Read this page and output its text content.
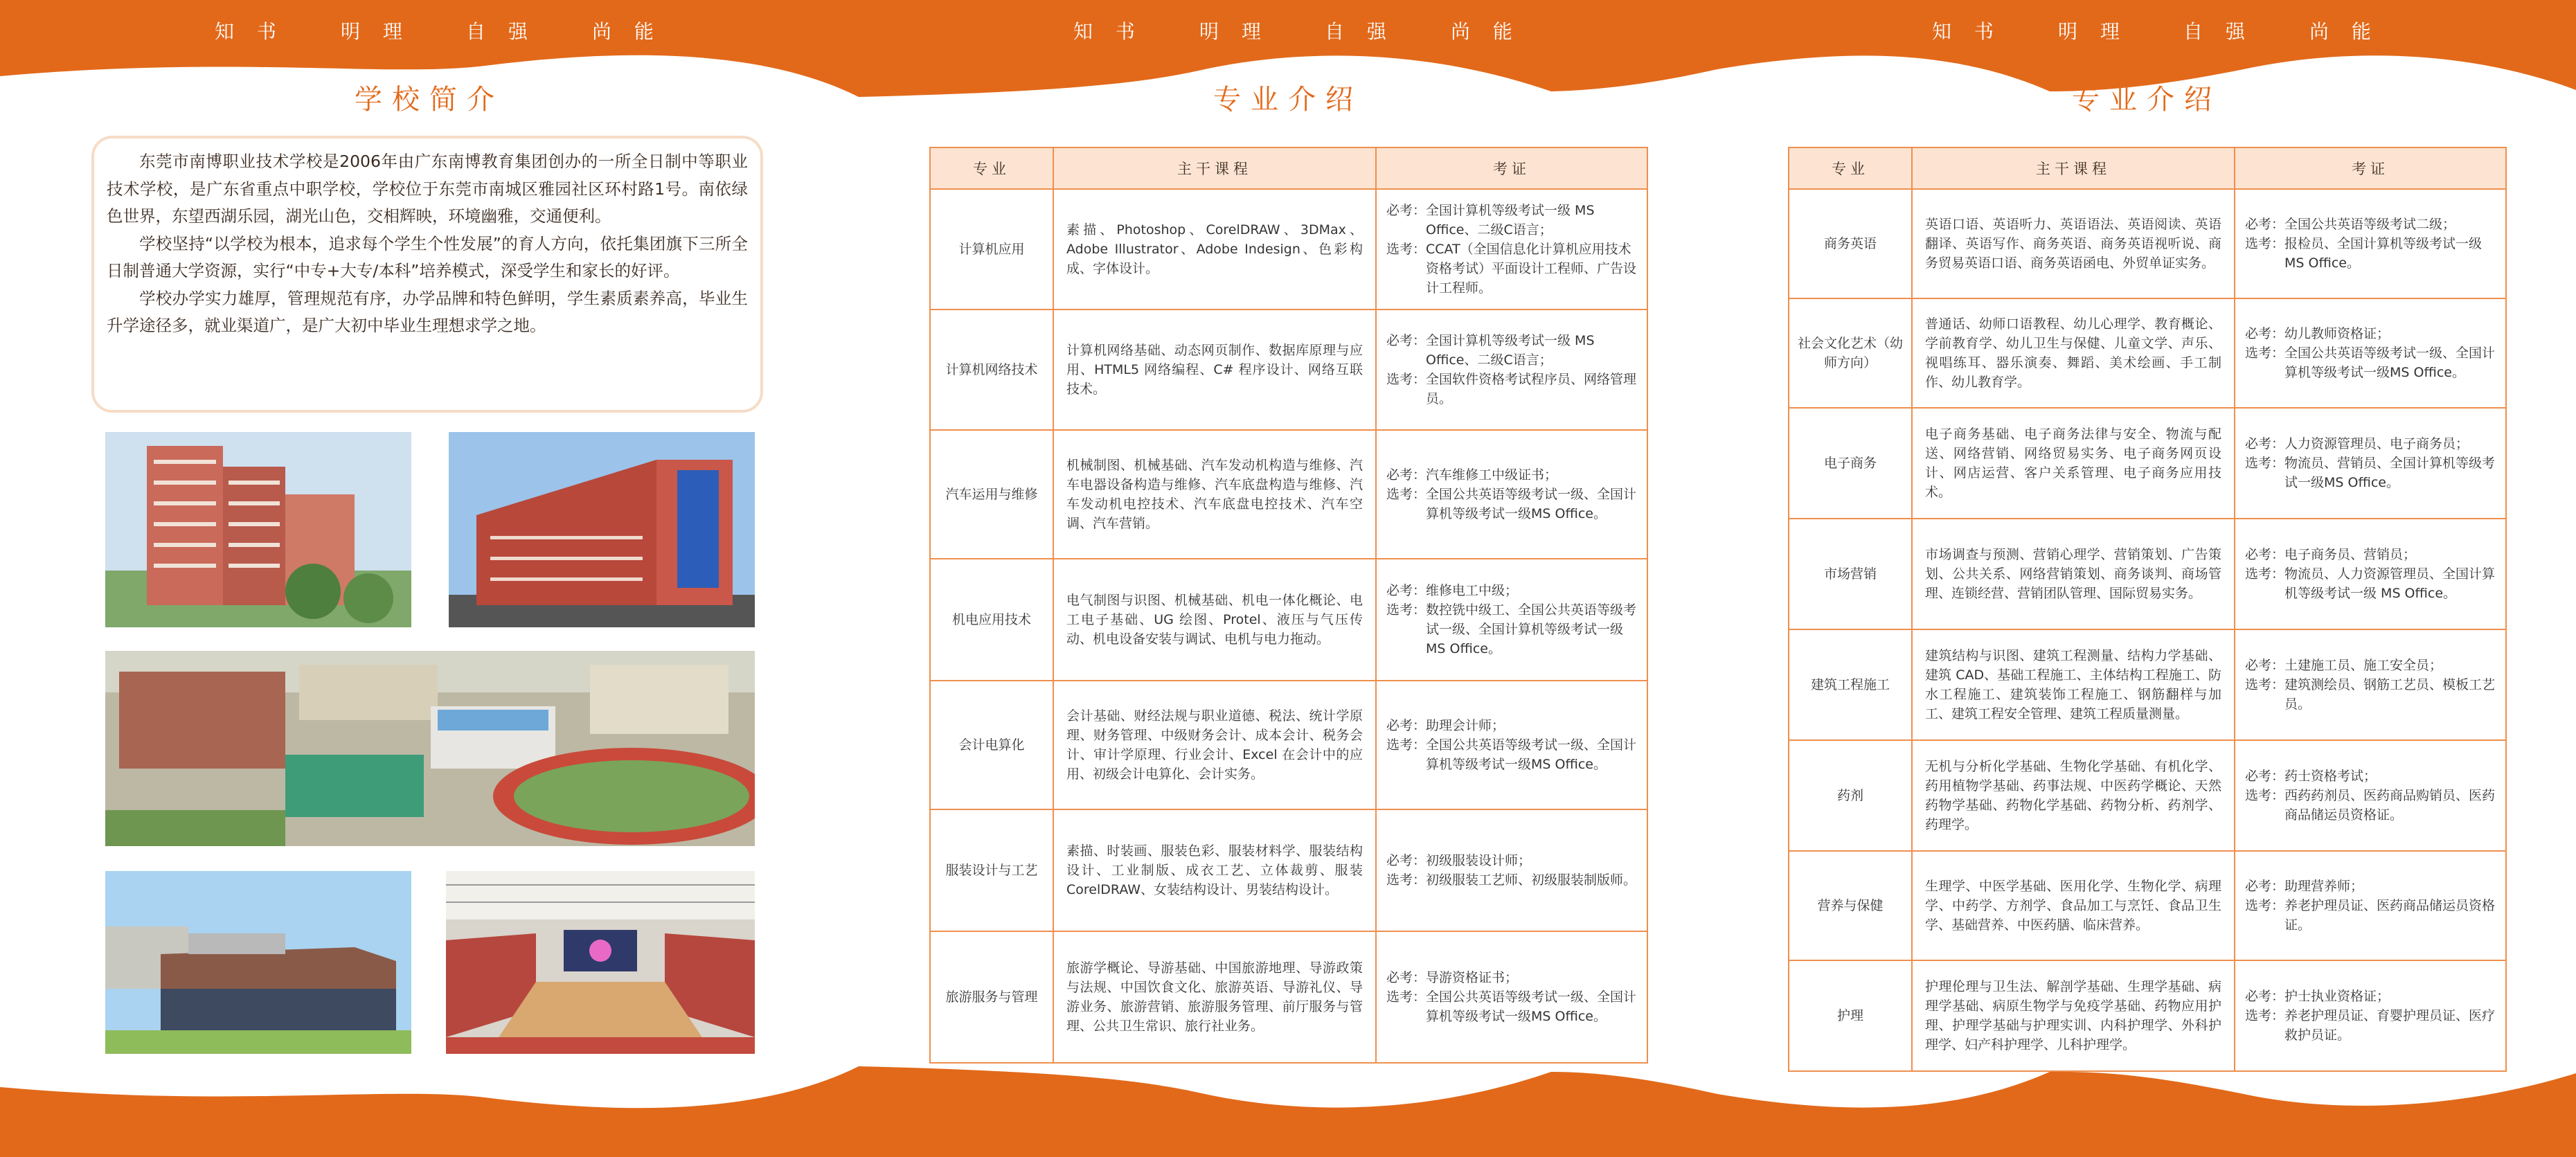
知 书	明 理	自 强	尚 能
学校简介

东莞市南博职业技术学校是2006年由广东南博教育集团创办的一所全日制中等职业技术学校，是广东省重点中职学校，学校位于东莞市南城区雅园社区环村路1号。南依绿色世界，东望西湖乐园，湖光山色，交相辉映，环境幽雅，交通便利。

学校坚持“以学校为根本，追求每个学生个性发展”的育人方向，依托集团旗下三所全日制普通大学资源，实行“中专+大专/本科”培养模式，深受学生和家长的好评。

学校办学实力雄厚，管理规范有序，办学品牌和特色鲜明，学生素质素养高，毕业生升学途径多，就业渠道广，是广大初中毕业生理想求学之地。

知 书	明 理	自 强	尚 能
专业介绍
专业	主干课程	考证
计算机应用	素描、Photoshop、CorelDRAW、3DMax、Adobe Illustrator、Adobe Indesign、色彩构成、字体设计。	必考： 全国计算机等级考试一级 MS Office、二级C语言；
选考： CCAT（全国信息化计算机应用技术资格考试）平面设计工程师、广告设计工程师。

计算机网络技术	计算机网络基础、动态网页制作、数据库原理与应用、HTML5 网络编程、C# 程序设计、网络互联技术。	必考： 全国计算机等级考试一级 MS Office、二级C语言；
选考： 全国软件资格考试程序员、网络管理员。

汽车运用与维修	机械制图、机械基础、汽车发动机构造与维修、汽车电器设备构造与维修、汽车底盘构造与维修、汽车发动机电控技术、汽车底盘电控技术、汽车空调、汽车营销。	必考： 汽车维修工中级证书；
选考： 全国公共英语等级考试一级、全国计算机等级考试一级MS Office。

机电应用技术	电气制图与识图、机械基础、机电一体化概论、电工电子基础、UG 绘图、Protel、液压与气压传动、机电设备安装与调试、电机与电力拖动。	必考： 维修电工中级；
选考： 数控铣中级工、全国公共英语等级考试一级、全国计算机等级考试一级MS Office。

会计电算化	会计基础、财经法规与职业道德、税法、统计学原理、财务管理、中级财务会计、成本会计、税务会计、审计学原理、行业会计、Excel 在会计中的应用、初级会计电算化、会计实务。	必考： 助理会计师；
选考： 全国公共英语等级考试一级、全国计算机等级考试一级MS Office。

服装设计与工艺	素描、时装画、服装色彩、服装材料学、服装结构设计、工业制版、成衣工艺、立体裁剪、服装 CorelDRAW、女装结构设计、男装结构设计。	必考： 初级服装设计师；
选考： 初级服装工艺师、初级服装制版师。

旅游服务与管理	旅游学概论、导游基础、中国旅游地理、导游政策与法规、中国饮食文化、旅游英语、导游礼仪、导游业务、旅游营销、旅游服务管理、前厅服务与管理、公共卫生常识、旅行社业务。	必考： 导游资格证书；
选考： 全国公共英语等级考试一级、全国计算机等级考试一级MS Office。
知 书	明 理	自 强	尚 能
专业介绍
专业	主干课程	考证
商务英语	英语口语、英语听力、英语语法、英语阅读、英语翻译、英语写作、商务英语、商务英语视听说、商务贸易英语口语、商务英语函电、外贸单证实务。	必考： 全国公共英语等级考试二级；
选考： 报检员、全国计算机等级考试一级MS Office。

社会文化艺术（幼师方向）	普通话、幼师口语教程、幼儿心理学、教育概论、学前教育学、幼儿卫生与保健、儿童文学、声乐、视唱练耳、器乐演奏、舞蹈、美术绘画、手工制作、幼儿教育学。	必考： 幼儿教师资格证；
选考： 全国公共英语等级考试一级、全国计算机等级考试一级MS Office。

电子商务	电子商务基础、电子商务法律与安全、物流与配送、网络营销、网络贸易实务、电子商务网页设计、网店运营、客户关系管理、电子商务应用技术。	必考： 人力资源管理员、电子商务员；
选考： 物流员、营销员、全国计算机等级考试一级MS Office。

市场营销	市场调查与预测、营销心理学、营销策划、广告策划、公共关系、网络营销策划、商务谈判、商场管理、连锁经营、营销团队管理、国际贸易实务。	必考： 电子商务员、营销员；
选考： 物流员、人力资源管理员、全国计算机等级考试一级 MS Office。

建筑工程施工	建筑结构与识图、建筑工程测量、结构力学基础、建筑 CAD、基础工程施工、主体结构工程施工、防水工程施工、建筑装饰工程施工、钢筋翻样与加工、建筑工程安全管理、建筑工程质量测量。	必考： 土建施工员、施工安全员；
选考： 建筑测绘员、钢筋工艺员、模板工艺员。

药剂	无机与分析化学基础、生物化学基础、有机化学、药用植物学基础、药事法规、中医药学概论、天然药物学基础、药物化学基础、药物分析、药剂学、药理学。	必考： 药士资格考试；
选考： 西药药剂员、医药商品购销员、医药商品储运员资格证。

营养与保健	生理学、中医学基础、医用化学、生物化学、病理学、中药学、方剂学、食品加工与烹饪、食品卫生学、基础营养、中医药膳、临床营养。	必考： 助理营养师；
选考： 养老护理员证、医药商品储运员资格证。

护理	护理伦理与卫生法、解剖学基础、生理学基础、病理学基础、病原生物学与免疫学基础、药物应用护理、护理学基础与护理实训、内科护理学、外科护理学、妇产科护理学、儿科护理学。	必考： 护士执业资格证；
选考： 养老护理员证、育婴护理员证、医疗救护员证。
